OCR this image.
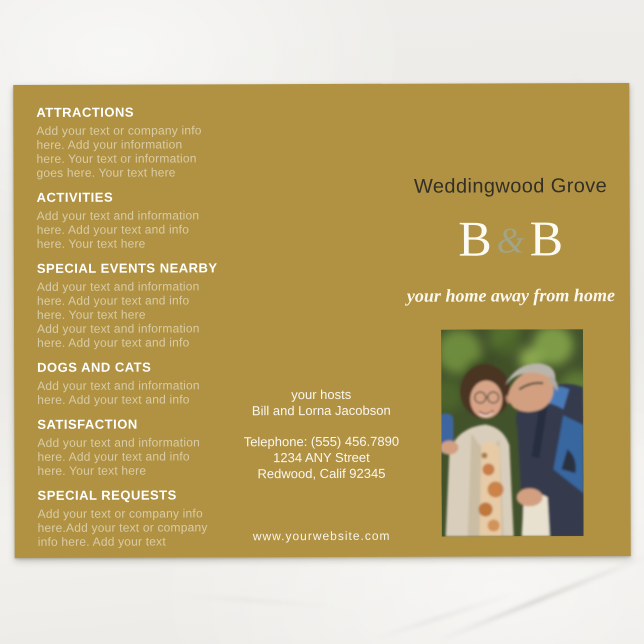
ATTRACTIONS

Add your text or company info
here. Add your information
here. Your text or information
goes here. Your text here

ACTIVITIES

Add your text and information
here. Add your text and info
here. Your text here

SPECIAL EVENTS NEARBY

Add your text and information
here. Add your text and info
here. Your text here
Add your text and information
here. Add your text and info

DOGS AND CATS

Add your text and information
here. Add your text and info

SATISFACTION

Add your text and information
here. Add your text and info
here. Your text here

SPECIAL REQUESTS

Add your text or company info
here.Add your text or company
info here. Add your text

your hosts
Bill and Lorna Jacobson
Telephone: (555) 456.7890
1234 ANY Street
Redwood, Calif 92345
www.yourwebsite.com
Weddingwood Grove
B &B
your home away from home
